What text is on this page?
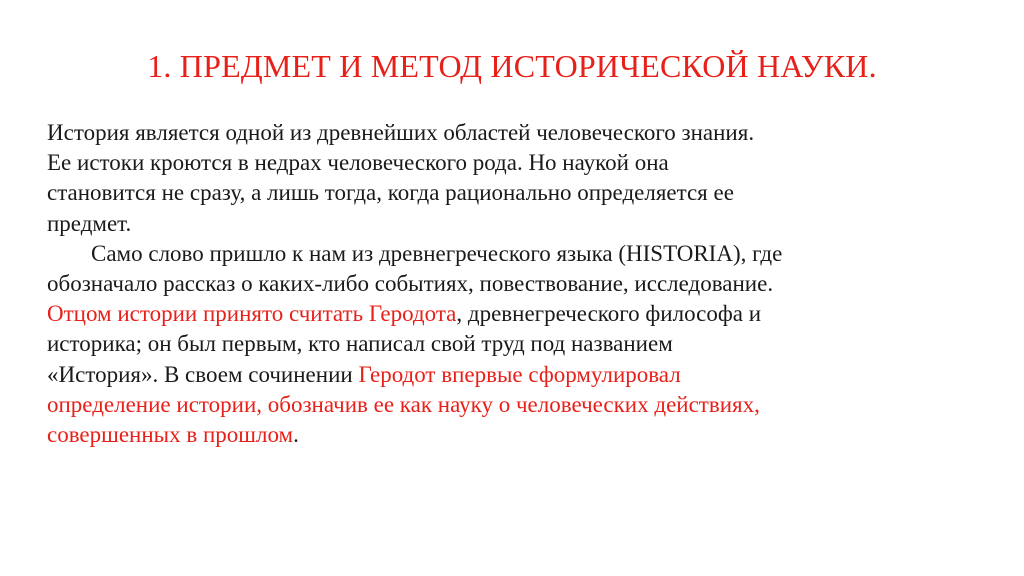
1. ПРЕДМЕТ И МЕТОД ИСТОРИЧЕСКОЙ НАУКИ.
История является одной из древнейших областей человеческого знания.
Ее истоки кроются в недрах человеческого рода. Но наукой она
становится не сразу, а лишь тогда, когда рационально определяется ее
предмет.
Само слово пришло к нам из древнегреческого языка (HISTORIA), где
обозначало рассказ о каких-либо событиях, повествование, исследование.
Отцом истории принято считать Геродота, древнегреческого философа и
историка; он был первым, кто написал свой труд под названием
«История». В своем сочинении Геродот впервые сформулировал
определение истории, обозначив ее как науку о человеческих действиях,
совершенных в прошлом.
